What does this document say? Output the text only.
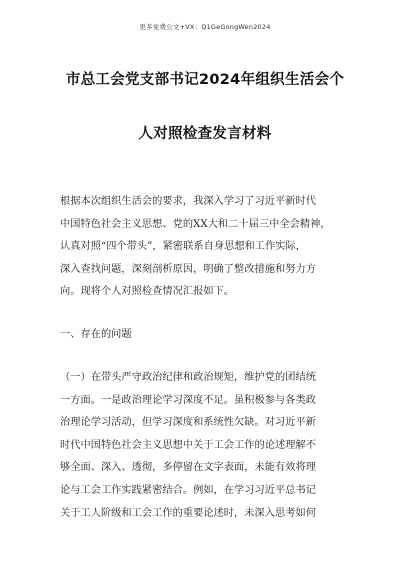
更多免费公文+VX：Q1GeGongWen2024
市总工会党支部书记2024年组织生活会个
人对照检查发言材料
根据本次组织生活会的要求，我深入学习了习近平新时代
中国特色社会主义思想、党的XX大和二十届三中全会精神，
认真对照“四个带头”，紧密联系自身思想和工作实际，
深入查找问题，深刻剖析原因，明确了整改措施和努力方
向。现将个人对照检查情况汇报如下。
一、存在的问题
（一）在带头严守政治纪律和政治规矩，维护党的团结统
一方面。一是政治理论学习深度不足。虽积极参与各类政
治理论学习活动，但学习深度和系统性欠缺。对习近平新
时代中国特色社会主义思想中关于工会工作的论述理解不
够全面、深入、透彻，多停留在文字表面，未能有效将理
论与工会工作实践紧密结合。例如，在学习习近平总书记
关于工人阶级和工会工作的重要论述时，未深入思考如何
